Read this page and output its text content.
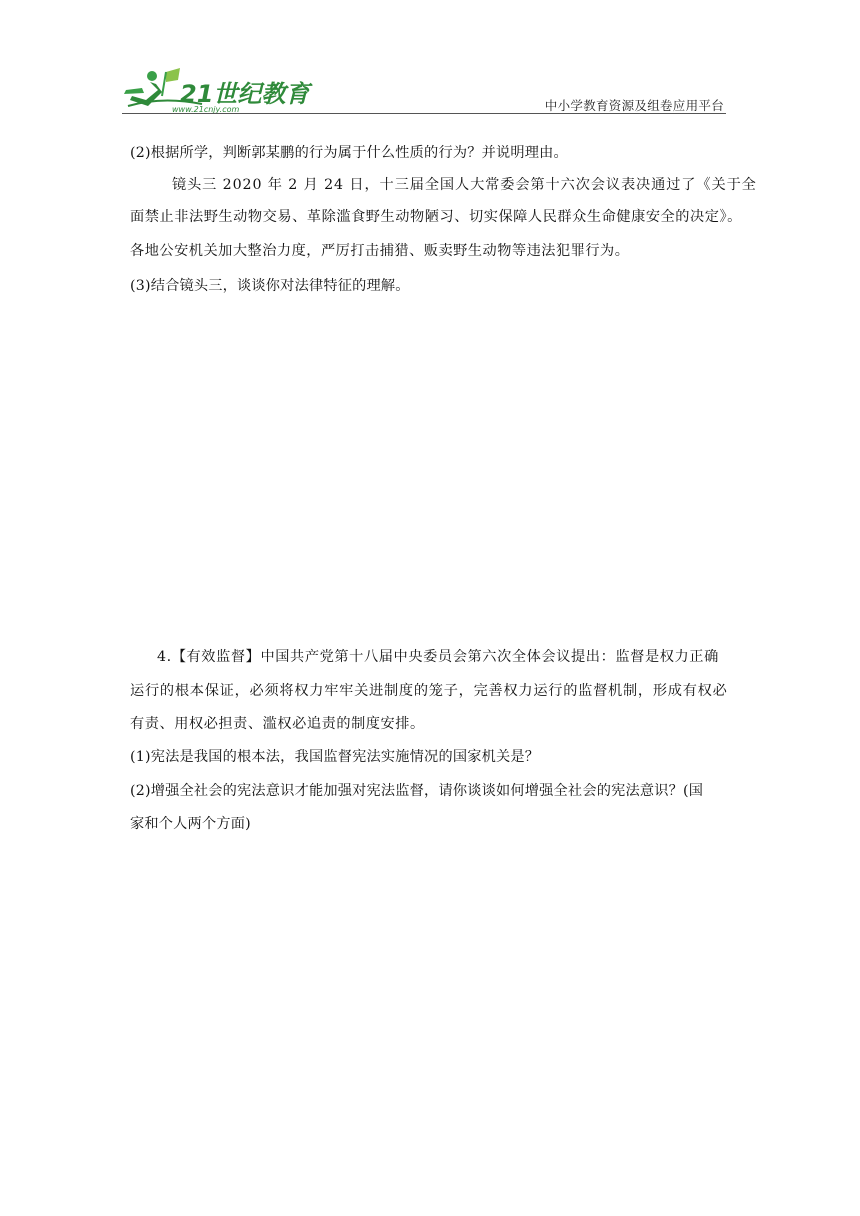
21世纪教育
www.21cnjy.com	中小学教育资源及组卷应用平台
(2)根据所学，判断郭某鹏的行为属于什么性质的行为？并说明理由。
镜头三 2020 年 2 月 24 日，十三届全国人大常委会第十六次会议表决通过了《关于全
面禁止非法野生动物交易、革除滥食野生动物陋习、切实保障人民群众生命健康安全的决定》。
各地公安机关加大整治力度，严厉打击捕猎、贩卖野生动物等违法犯罪行为。
(3)结合镜头三，谈谈你对法律特征的理解。
4.【有效监督】中国共产党第十八届中央委员会第六次全体会议提出：监督是权力正确
运行的根本保证，必须将权力牢牢关进制度的笼子，完善权力运行的监督机制，形成有权必
有责、用权必担责、滥权必追责的制度安排。
(1)宪法是我国的根本法，我国监督宪法实施情况的国家机关是？
(2)增强全社会的宪法意识才能加强对宪法监督，请你谈谈如何增强全社会的宪法意识？(国
家和个人两个方面)
